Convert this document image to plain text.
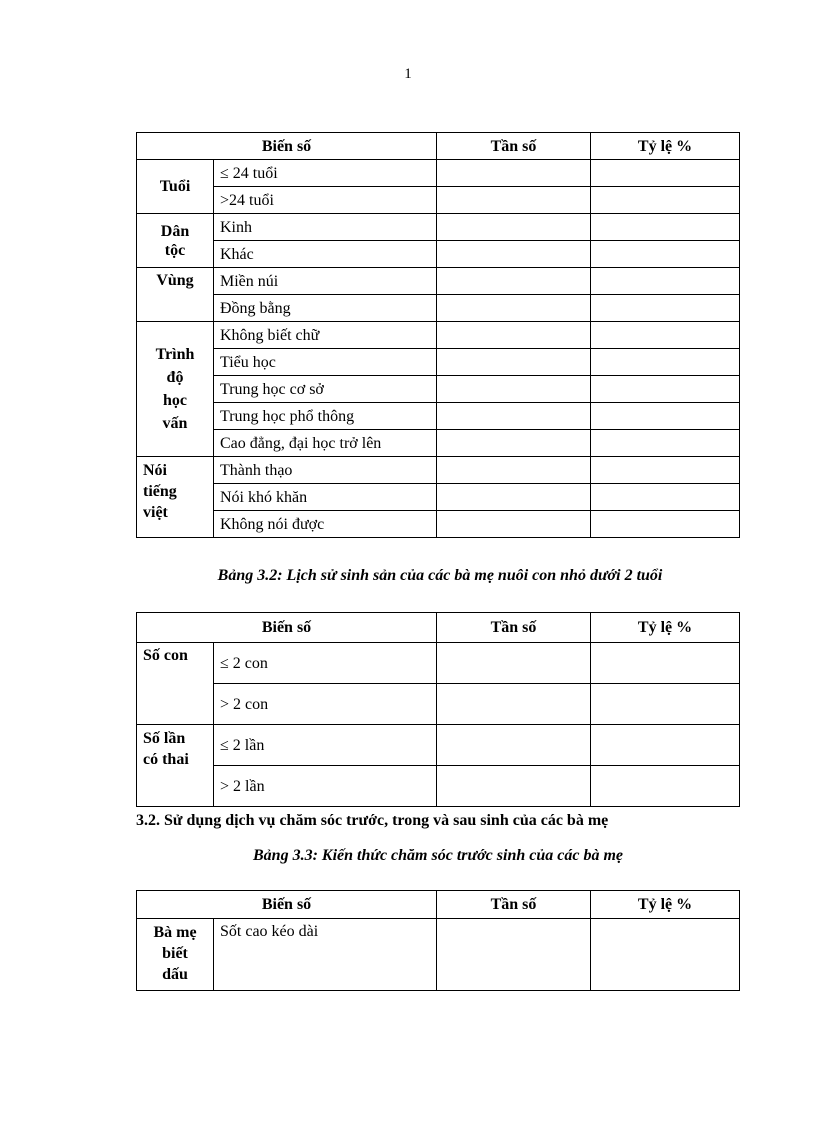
1
Biến số		Tần số	Tỷ lệ %
Tuổi	≤ 24 tuổi		
	>24 tuổi		
Dân
tộc	Kinh		
	Khác		
Vùng	Miền núi		
	Đồng bằng		
Trình
độ
học
vấn	Không biết chữ		
	Tiểu học		
	Trung học cơ sở		
	Trung học phổ thông		
	Cao đẳng, đại học trở lên		
Nói
tiếng
việt	Thành thạo		
	Nói khó khăn		
	Không nói được		
Bảng 3.2: Lịch sử sinh sản của các bà mẹ nuôi con nhỏ dưới 2 tuổi
Biến số		Tần số	Tỷ lệ %
Số con	≤ 2 con		
	> 2 con		
Số lần
có thai	≤ 2 lần		
	> 2 lần		
3.2. Sử dụng dịch vụ chăm sóc trước, trong và sau sinh của các bà mẹ
Bảng 3.3: Kiến thức chăm sóc trước sinh của các bà mẹ
Biến số		Tần số	Tỷ lệ %
Bà mẹ
biết
dấu	Sốt cao kéo dài		
